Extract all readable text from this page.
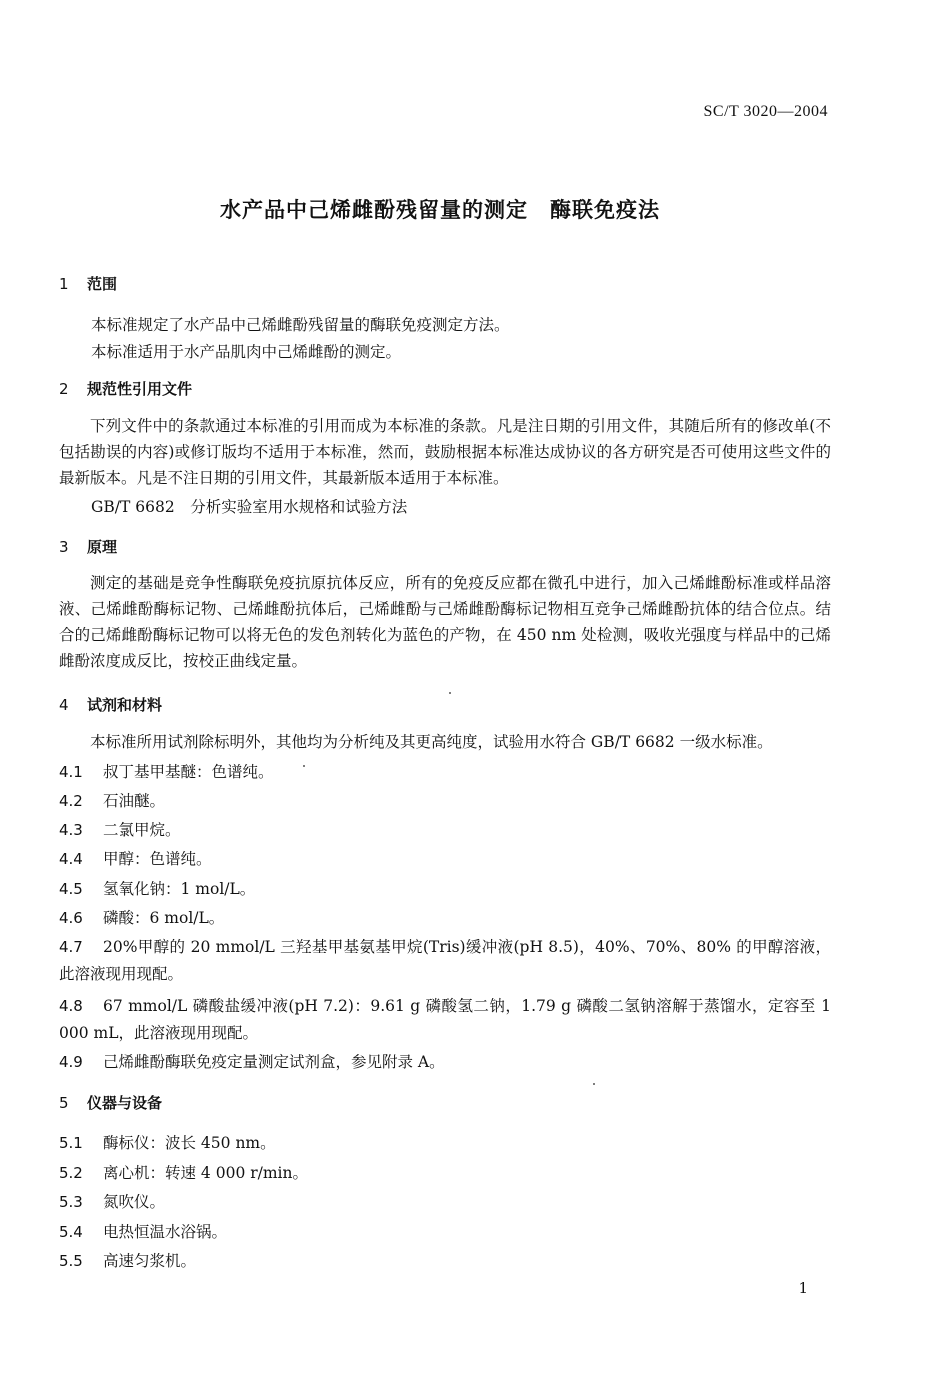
SC/T 3020—2004
水产品中己烯雌酚残留量的测定　酶联免疫法
1 范围
本标准规定了水产品中己烯雌酚残留量的酶联免疫测定方法。
本标准适用于水产品肌肉中己烯雌酚的测定。
2 规范性引用文件
下列文件中的条款通过本标准的引用而成为本标准的条款。凡是注日期的引用文件，其随后所有的修改单(不包括勘误的内容)或修订版均不适用于本标准，然而，鼓励根据本标准达成协议的各方研究是否可使用这些文件的最新版本。凡是不注日期的引用文件，其最新版本适用于本标准。
GB/T 6682　分析实验室用水规格和试验方法
3 原理
测定的基础是竞争性酶联免疫抗原抗体反应，所有的免疫反应都在微孔中进行，加入己烯雌酚标准或样品溶液、己烯雌酚酶标记物、己烯雌酚抗体后，己烯雌酚与己烯雌酚酶标记物相互竞争己烯雌酚抗体的结合位点。结合的己烯雌酚酶标记物可以将无色的发色剂转化为蓝色的产物，在 450 nm 处检测，吸收光强度与样品中的己烯雌酚浓度成反比，按校正曲线定量。
4 试剂和材料
本标准所用试剂除标明外，其他均为分析纯及其更高纯度，试验用水符合 GB/T 6682 一级水标准。
4.1 叔丁基甲基醚：色谱纯。
4.2 石油醚。
4.3 二氯甲烷。
4.4 甲醇：色谱纯。
4.5 氢氧化钠：1 mol/L。
4.6 磷酸：6 mol/L。
4.7 20%甲醇的 20 mmol/L 三羟基甲基氨基甲烷(Tris)缓冲液(pH 8.5)，40%、70%、80% 的甲醇溶液，此溶液现用现配。
4.8 67 mmol/L 磷酸盐缓冲液(pH 7.2)：9.61 g 磷酸氢二钠，1.79 g 磷酸二氢钠溶解于蒸馏水，定容至 1 000 mL，此溶液现用现配。
4.9 己烯雌酚酶联免疫定量测定试剂盒，参见附录 A。
5 仪器与设备
5.1 酶标仪：波长 450 nm。
5.2 离心机：转速 4 000 r/min。
5.3 氮吹仪。
5.4 电热恒温水浴锅。
5.5 高速匀浆机。
1
